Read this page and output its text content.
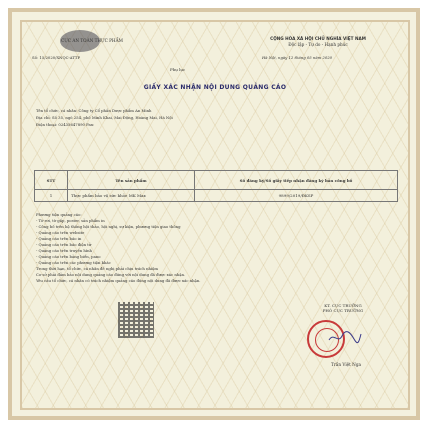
CỤC AN TOÀN THỰC PHẨM	CỘNG HÒA XÃ HỘI CHỦ NGHĨA VIỆT NAM
Độc lập - Tự do - Hạnh phúc
Số: 15/2020/XNQC-ATTP	Hà Nội, ngày 12 tháng 05 năm 2020
Phụ lục
GIẤY XÁC NHẬN NỘI DUNG QUẢNG CÁO
Tên tổ chức, cá nhân: Công ty Cổ phần Dược phẩm An Minh
Địa chỉ: Số 35, ngõ 254, phố Minh Khai, Mai Động, Hoàng Mai, Hà Nội
Điện thoại: 02435647890 Fax:
STT	Tên sản phẩm	Số đăng ký/Số giấy tiếp nhận đăng ký bản công bố
1	Thực phẩm bảo vệ sức khỏe MK Max	9899/2019/ĐKSP
Phương tiện quảng cáo:
- Tờ rơi, tờ gấp, poster, sản phẩm in
- Công bố trên hệ thống hội thảo, hội nghị, sự kiện, phương tiện giao thông
- Quảng cáo trên website
- Quảng cáo trên báo in
- Quảng cáo trên báo điện tử
- Quảng cáo trên truyền hình
- Quảng cáo trên bảng biển, pano
- Quảng cáo trên các phương tiện khác
Trong thời hạn, tổ chức, cá nhân đề nghị phải chịu trách nhiệm
Cơ sở phải đảm bảo nội dung quảng cáo đúng với nội dung đã được xác nhận.
Yêu cầu tổ chức, cá nhân có trách nhiệm quảng cáo đúng nội dung đã được xác nhận.
KT. CỤC TRƯỞNG
PHÓ CỤC TRƯỞNG
Trần Việt Nga
